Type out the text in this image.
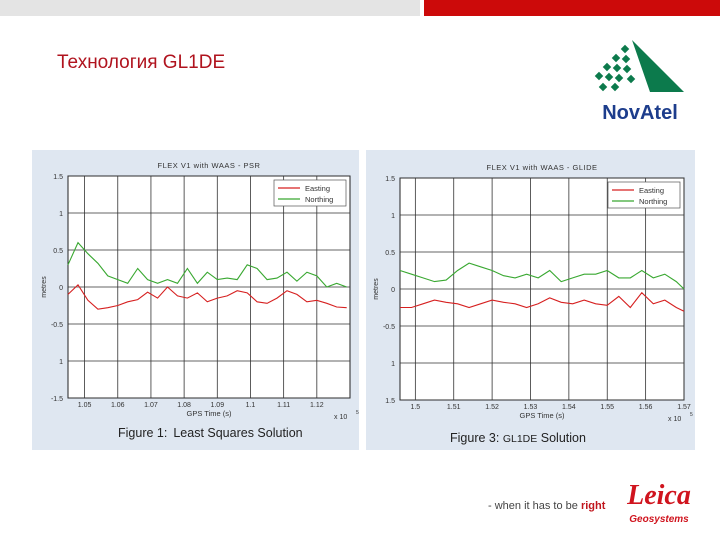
Технология GL1DE
NovAtel
1.5
1
0.5
0
-0.5
1
-1.5
1.05	1.06	1.07	1.08	1.09	1.1	1.11	1.12
FLEX V1 with WAAS - PSR
GPS Time (s)
metres
x 10
5
Easting
Northing
Figure 1: Least Squares Solution
1.5
1
0.5
0
-0.5
1
1.5
1.5	1.51	1.52	1.53	1.54	1.55	1.56	1.57
FLEX V1 with WAAS - GLIDE
GPS Time (s)
metres
x 10
5
Easting
Northing
Figure 3: GL1DE Solution
- when it has to be right Leica
Geosystems
